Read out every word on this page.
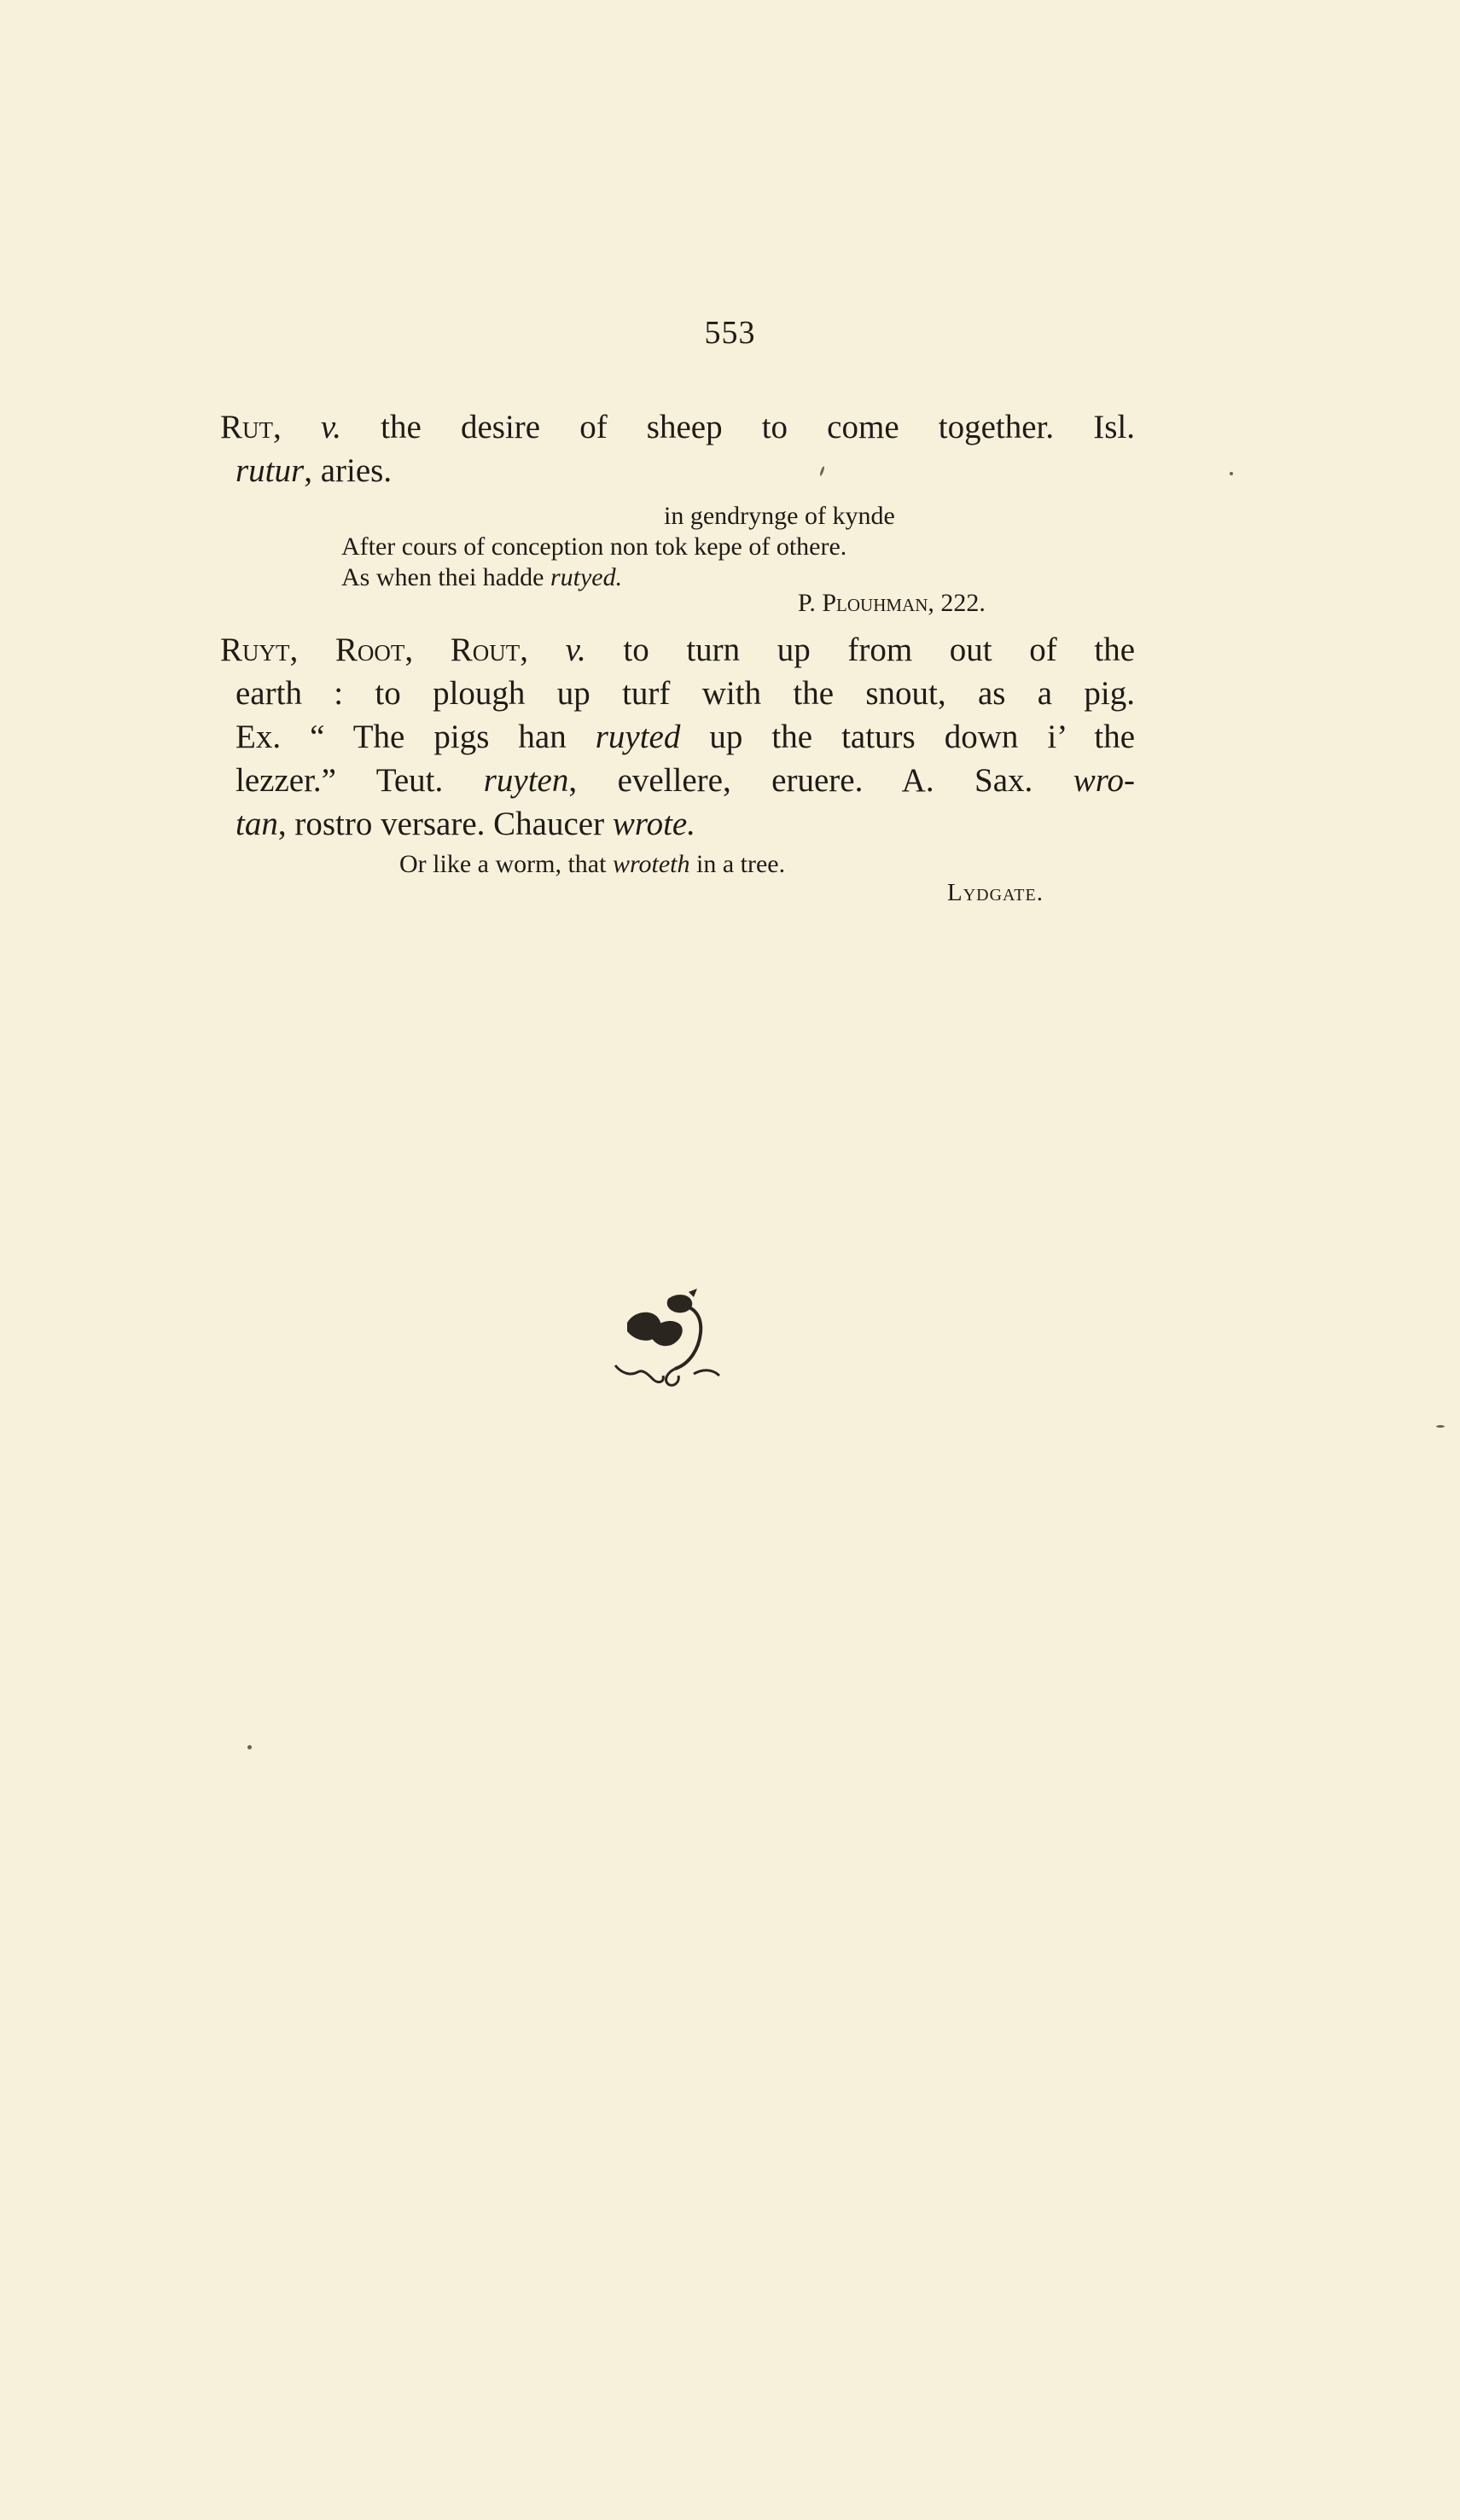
553
Rut, v. the desire of sheep to come together. Isl.
rutur, aries.
in gendrynge of kynde
After cours of conception non tok kepe of othere.
As when thei hadde rutyed.
P. Plouhman, 222.
Ruyt, Root, Rout, v. to turn up from out of the
earth : to plough up turf with the snout, as a pig.
Ex. “ The pigs han ruyted up the taturs down i’ the
lezzer.” Teut. ruyten, evellere, eruere. A. Sax. wro-
tan, rostro versare. Chaucer wrote.
Or like a worm, that wroteth in a tree.
Lydgate.
